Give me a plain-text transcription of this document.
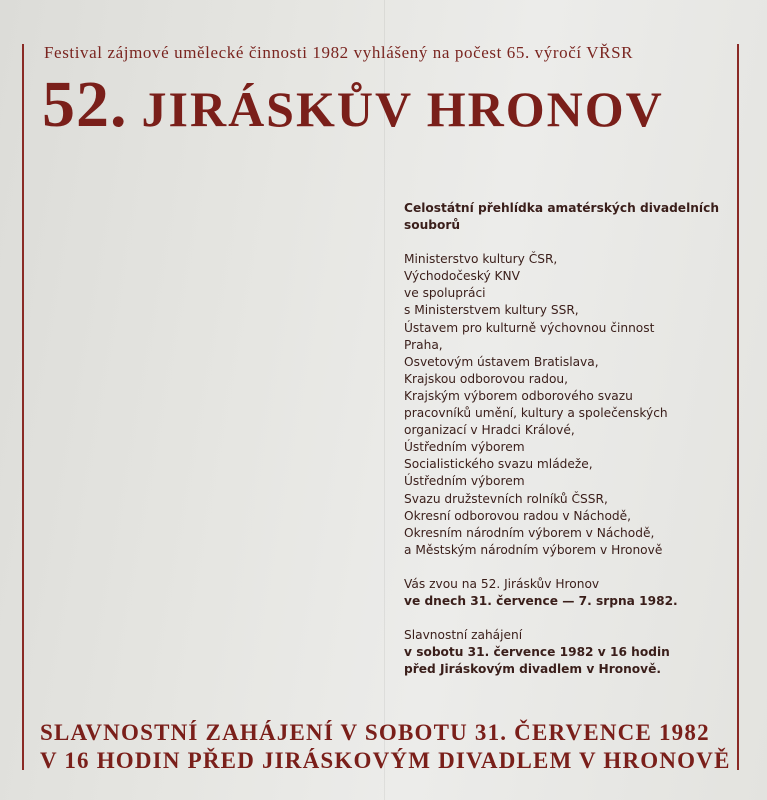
Festival zájmové umělecké činnosti 1982 vyhlášený na počest 65. výročí VŘSR
52. JIRÁSKŮV HRONOV
Celostátní přehlídka amatérských divadelních
souborů
Ministerstvo kultury ČSR,
Východočeský KNV
ve spolupráci
s Ministerstvem kultury SSR,
Ústavem pro kulturně výchovnou činnost
Praha,
Osvetovým ústavem Bratislava,
Krajskou odborovou radou,
Krajským výborem odborového svazu
pracovníků umění, kultury a společenských
organizací v Hradci Králové,
Ústředním výborem
Socialistického svazu mládeže,
Ústředním výborem
Svazu družstevních rolníků ČSSR,
Okresní odborovou radou v Náchodě,
Okresním národním výborem v Náchodě,
a Městským národním výborem v Hronově
Vás zvou na 52. Jiráskův Hronov
ve dnech 31. července — 7. srpna 1982.
Slavnostní zahájení
v sobotu 31. července 1982 v 16 hodin
před Jiráskovým divadlem v Hronově.
SLAVNOSTNÍ ZAHÁJENÍ V SOBOTU 31. ČERVENCE 1982
V 16 HODIN PŘED JIRÁSKOVÝM DIVADLEM V HRONOVĚ
